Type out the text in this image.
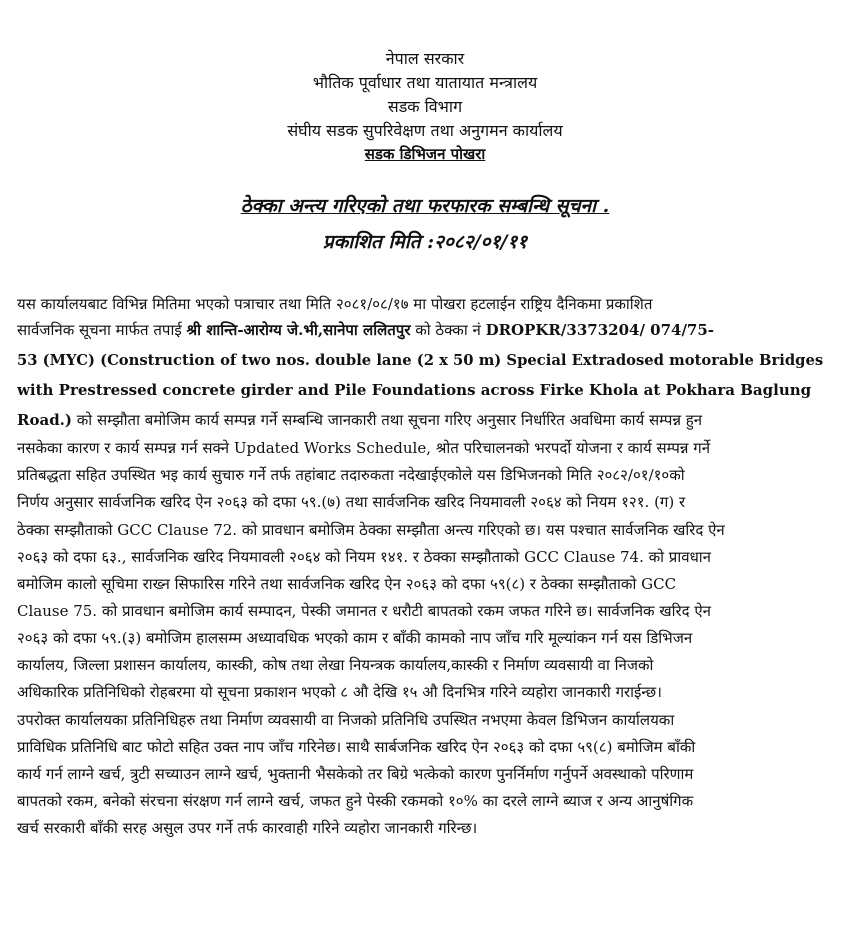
नेपाल सरकार
भौतिक पूर्वाधार तथा यातायात मन्त्रालय
सडक विभाग
संघीय सडक सुपरिवेक्षण तथा अनुगमन कार्यालय
सडक डिभिजन पोखरा
ठेक्का अन्त्य गरिएको तथा फरफारक सम्बन्धि सूचना .
प्रकाशित मिति :२०८२/०१/११
यस कार्यालयबाट विभिन्न मितिमा भएको पत्राचार तथा मिति २०८१/०८/१७ मा पोखरा हटलाईन राष्ट्रिय दैनिकमा प्रकाशित
सार्वजनिक सूचना मार्फत तपाई श्री शान्ति-आरोग्य जे.भी,सानेपा ललितपुर को ठेक्का नं DROPKR/3373204/ 074/75-
53 (MYC) (Construction of two nos. double lane (2 x 50 m) Special Extradosed motorable Bridges
with Prestressed concrete girder and Pile Foundations across Firke Khola at Pokhara Baglung
Road.) को सम्झौता बमोजिम कार्य सम्पन्न गर्ने सम्बन्धि जानकारी तथा सूचना गरिए अनुसार निर्धारित अवधिमा कार्य सम्पन्न हुन
नसकेका कारण र कार्य सम्पन्न गर्न सक्ने Updated Works Schedule, श्रोत परिचालनको भरपर्दो योजना र कार्य सम्पन्न गर्ने
प्रतिबद्धता सहित उपस्थित भइ कार्य सुचारु गर्ने तर्फ तहांबाट तदारुकता नदेखाईएकोले यस डिभिजनको मिति २०८२/०१/१०को
निर्णय अनुसार सार्वजनिक खरिद ऐन २०६३ को दफा ५९.(७) तथा सार्वजनिक खरिद नियमावली २०६४ को नियम १२१. (ग) र
ठेक्का सम्झौताको GCC Clause 72. को प्रावधान बमोजिम ठेक्का सम्झौता अन्त्य गरिएको छ। यस पश्चात सार्वजनिक खरिद ऐन
२०६३ को दफा ६३., सार्वजनिक खरिद नियमावली २०६४ को नियम १४१. र ठेक्का सम्झौताको GCC Clause 74. को प्रावधान
बमोजिम कालो सूचिमा राख्न सिफारिस गरिने तथा सार्वजनिक खरिद ऐन २०६३ को दफा ५९(८) र ठेक्का सम्झौताको GCC
Clause 75. को प्रावधान बमोजिम कार्य सम्पादन, पेस्की जमानत र धरौटी बापतको रकम जफत गरिने छ। सार्वजनिक खरिद ऐन
२०६३ को दफा ५९.(३) बमोजिम हालसम्म अध्यावधिक भएको काम र बाँकी कामको नाप जाँच गरि मूल्यांकन गर्न यस डिभिजन
कार्यालय, जिल्ला प्रशासन कार्यालय, कास्की, कोष तथा लेखा नियन्त्रक कार्यालय,कास्की र निर्माण व्यवसायी वा निजको
अधिकारिक प्रतिनिधिको रोहबरमा यो सूचना प्रकाशन भएको ८ औ देखि १५ औ दिनभित्र गरिने व्यहोरा जानकारी गराईन्छ।
उपरोक्त कार्यालयका प्रतिनिधिहरु तथा निर्माण व्यवसायी वा निजको प्रतिनिधि उपस्थित नभएमा केवल डिभिजन कार्यालयका
प्राविधिक प्रतिनिधि बाट फोटो सहित उक्त नाप जाँच गरिनेछ। साथै सार्बजनिक खरिद ऐन २०६३ को दफा ५९(८) बमोजिम बाँकी
कार्य गर्न लाग्ने खर्च, त्रुटी सच्याउन लाग्ने खर्च, भुक्तानी भैसकेको तर बिग्रे भत्केको कारण पुनर्निर्माण गर्नुपर्ने अवस्थाको परिणाम
बापतको रकम, बनेको संरचना संरक्षण गर्न लाग्ने खर्च, जफत हुने पेस्की रकमको १०% का दरले लाग्ने ब्याज र अन्य आनुषंगिक
खर्च सरकारी बाँकी सरह असुल उपर गर्ने तर्फ कारवाही गरिने व्यहोरा जानकारी गरिन्छ।
